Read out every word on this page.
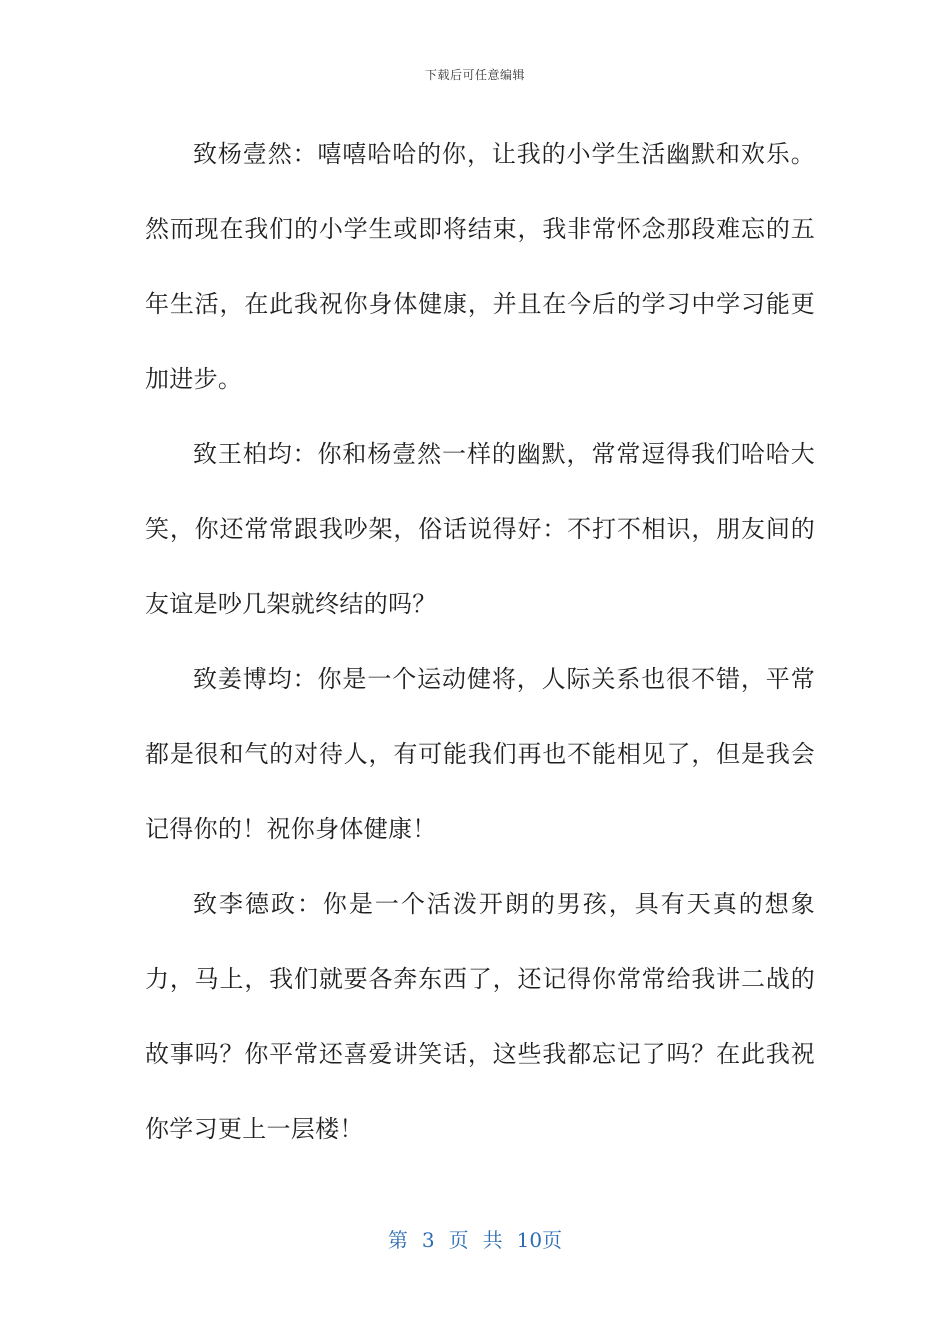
下载后可任意编辑

致杨壹然：嘻嘻哈哈的你，让我的小学生活幽默和欢乐。然而现在我们的小学生或即将结束，我非常怀念那段难忘的五年生活，在此我祝你身体健康，并且在今后的学习中学习能更加进步。

致王柏均：你和杨壹然一样的幽默，常常逗得我们哈哈大笑，你还常常跟我吵架，俗话说得好：不打不相识，朋友间的友谊是吵几架就终结的吗？

致姜博均：你是一个运动健将，人际关系也很不错，平常都是很和气的对待人，有可能我们再也不能相见了，但是我会记得你的！祝你身体健康！

致李德政：你是一个活泼开朗的男孩，具有天真的想象力，马上，我们就要各奔东西了，还记得你常常给我讲二战的故事吗？你平常还喜爱讲笑话，这些我都忘记了吗？在此我祝你学习更上一层楼！

第 3 页 共 10页
